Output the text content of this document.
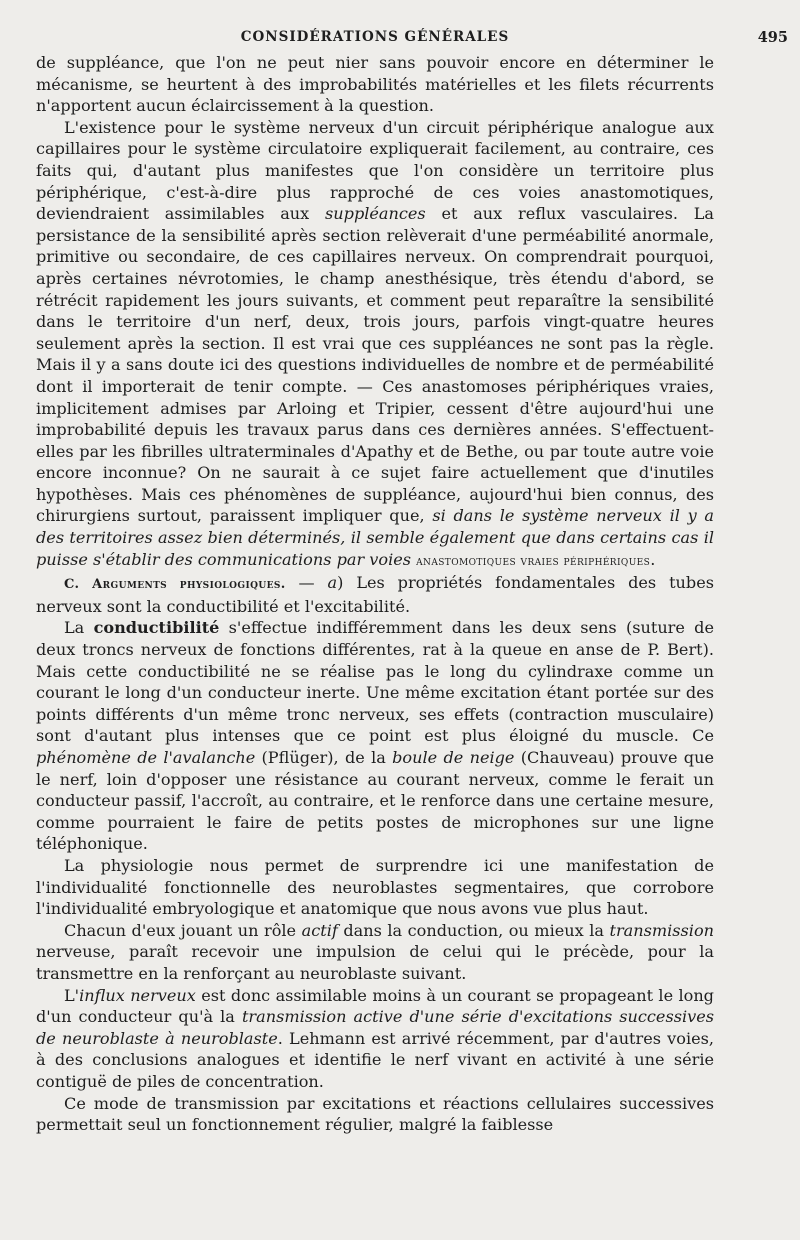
CONSIDÉRATIONS GÉNÉRALES	495

de suppléance, que l'on ne peut nier sans pouvoir encore en déterminer le mécanisme, se heurtent à des improbabilités matérielles et les filets récurrents n'apportent aucun éclaircissement à la question.

L'existence pour le système nerveux d'un circuit périphérique analogue aux capillaires pour le système circulatoire expliquerait facilement, au contraire, ces faits qui, d'autant plus manifestes que l'on considère un territoire plus périphérique, c'est-à-dire plus rapproché de ces voies anastomotiques, deviendraient assimilables aux suppléances et aux reflux vasculaires. La persistance de la sensibilité après section relèverait d'une perméabilité anormale, primitive ou secondaire, de ces capillaires nerveux. On comprendrait pourquoi, après certaines névrotomies, le champ anesthésique, très étendu d'abord, se rétrécit rapidement les jours suivants, et comment peut reparaître la sensibilité dans le territoire d'un nerf, deux, trois jours, parfois vingt-quatre heures seulement après la section. Il est vrai que ces suppléances ne sont pas la règle. Mais il y a sans doute ici des questions individuelles de nombre et de perméabilité dont il importerait de tenir compte. — Ces anastomoses périphériques vraies, implicitement admises par Arloing et Tripier, cessent d'être aujourd'hui une improbabilité depuis les travaux parus dans ces dernières années. S'effectuent-elles par les fibrilles ultraterminales d'Apathy et de Bethe, ou par toute autre voie encore inconnue? On ne saurait à ce sujet faire actuellement que d'inutiles hypothèses. Mais ces phénomènes de suppléance, aujourd'hui bien connus, des chirurgiens surtout, paraissent impliquer que, si dans le système nerveux il y a des territoires assez bien déterminés, il semble également que dans certains cas il puisse s'établir des communications par voies anastomotiques vraies périphériques.

C. Arguments physiologiques. — a) Les propriétés fondamentales des tubes nerveux sont la conductibilité et l'excitabilité.

La conductibilité s'effectue indifféremment dans les deux sens (suture de deux troncs nerveux de fonctions différentes, rat à la queue en anse de P. Bert). Mais cette conductibilité ne se réalise pas le long du cylindraxe comme un courant le long d'un conducteur inerte. Une même excitation étant portée sur des points différents d'un même tronc nerveux, ses effets (contraction musculaire) sont d'autant plus intenses que ce point est plus éloigné du muscle. Ce phénomène de l'avalanche (Pflüger), de la boule de neige (Chauveau) prouve que le nerf, loin d'opposer une résistance au courant nerveux, comme le ferait un conducteur passif, l'accroît, au contraire, et le renforce dans une certaine mesure, comme pourraient le faire de petits postes de microphones sur une ligne téléphonique.

La physiologie nous permet de surprendre ici une manifestation de l'individualité fonctionnelle des neuroblastes segmentaires, que corrobore l'individualité embryologique et anatomique que nous avons vue plus haut.

Chacun d'eux jouant un rôle actif dans la conduction, ou mieux la transmission nerveuse, paraît recevoir une impulsion de celui qui le précède, pour la transmettre en la renforçant au neuroblaste suivant.

L'influx nerveux est donc assimilable moins à un courant se propageant le long d'un conducteur qu'à la transmission active d'une série d'excitations successives de neuroblaste à neuroblaste. Lehmann est arrivé récemment, par d'autres voies, à des conclusions analogues et identifie le nerf vivant en activité à une série contiguë de piles de concentration.

Ce mode de transmission par excitations et réactions cellulaires successives permettait seul un fonctionnement régulier, malgré la faiblesse
